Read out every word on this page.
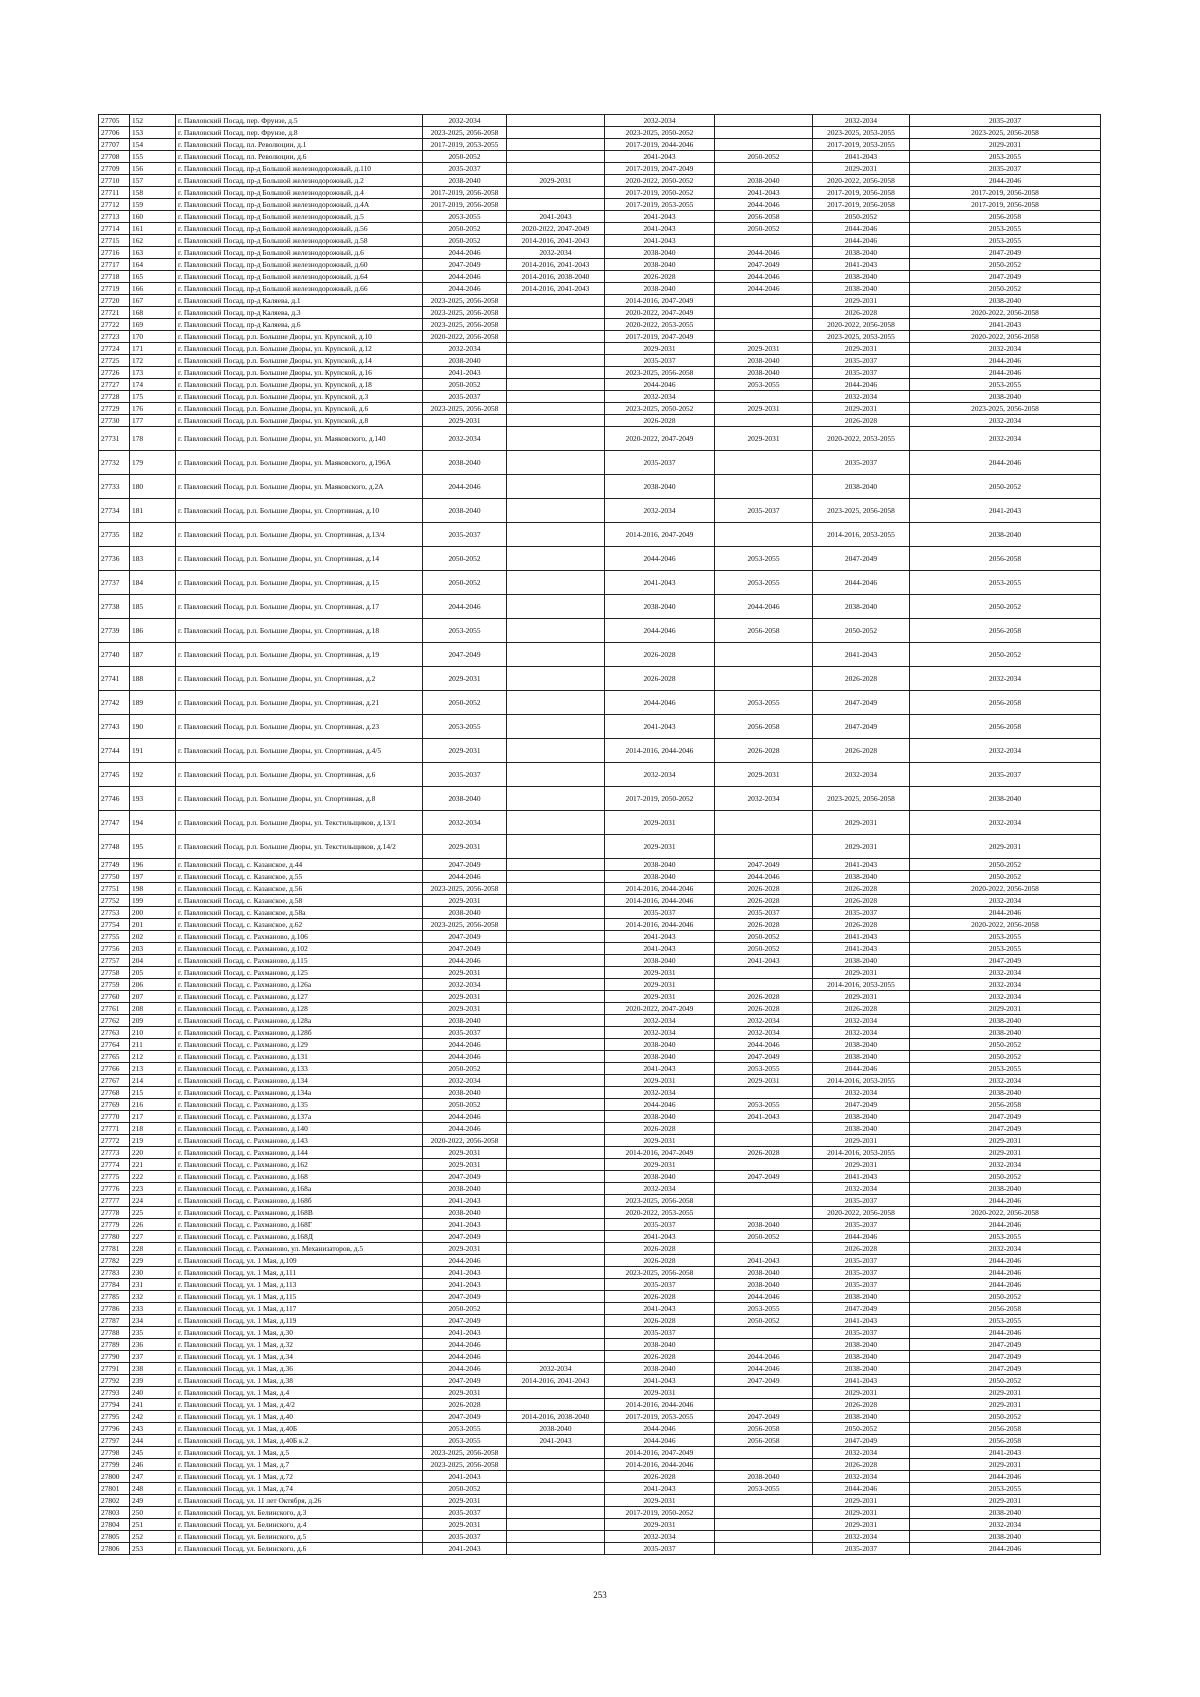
27705	152	г. Павловский Посад, пер. Фрунзе, д.5	2032-2034		2032-2034		2032-2034	2035-2037
27706	153	г. Павловский Посад, пер. Фрунзе, д.8	2023-2025, 2056-2058		2023-2025, 2050-2052		2023-2025, 2053-2055	2023-2025, 2056-2058
27707	154	г. Павловский Посад, пл. Революции, д.1	2017-2019, 2053-2055		2017-2019, 2044-2046		2017-2019, 2053-2055	2029-2031
27708	155	г. Павловский Посад, пл. Революции, д.6	2050-2052		2041-2043	2050-2052	2041-2043	2053-2055
27709	156	г. Павловский Посад, пр-д Большой железнодорожный, д.110	2035-2037		2017-2019, 2047-2049		2029-2031	2035-2037
27710	157	г. Павловский Посад, пр-д Большой железнодорожный, д.2	2038-2040	2029-2031	2020-2022, 2050-2052	2038-2040	2020-2022, 2056-2058	2044-2046
27711	158	г. Павловский Посад, пр-д Большой железнодорожный, д.4	2017-2019, 2056-2058		2017-2019, 2050-2052	2041-2043	2017-2019, 2056-2058	2017-2019, 2056-2058
27712	159	г. Павловский Посад, пр-д Большой железнодорожный, д.4А	2017-2019, 2056-2058		2017-2019, 2053-2055	2044-2046	2017-2019, 2056-2058	2017-2019, 2056-2058
27713	160	г. Павловский Посад, пр-д Большой железнодорожный, д.5	2053-2055	2041-2043	2041-2043	2056-2058	2050-2052	2056-2058
27714	161	г. Павловский Посад, пр-д Большой железнодорожный, д.56	2050-2052	2020-2022, 2047-2049	2041-2043	2050-2052	2044-2046	2053-2055
27715	162	г. Павловский Посад, пр-д Большой железнодорожный, д.58	2050-2052	2014-2016, 2041-2043	2041-2043		2044-2046	2053-2055
27716	163	г. Павловский Посад, пр-д Большой железнодорожный, д.6	2044-2046	2032-2034	2038-2040	2044-2046	2038-2040	2047-2049
27717	164	г. Павловский Посад, пр-д Большой железнодорожный, д.60	2047-2049	2014-2016, 2041-2043	2038-2040	2047-2049	2041-2043	2050-2052
27718	165	г. Павловский Посад, пр-д Большой железнодорожный, д.64	2044-2046	2014-2016, 2038-2040	2026-2028	2044-2046	2038-2040	2047-2049
27719	166	г. Павловский Посад, пр-д Большой железнодорожный, д.66	2044-2046	2014-2016, 2041-2043	2038-2040	2044-2046	2038-2040	2050-2052
27720	167	г. Павловский Посад, пр-д Каляева, д.1	2023-2025, 2056-2058		2014-2016, 2047-2049		2029-2031	2038-2040
27721	168	г. Павловский Посад, пр-д Каляева, д.3	2023-2025, 2056-2058		2020-2022, 2047-2049		2026-2028	2020-2022, 2056-2058
27722	169	г. Павловский Посад, пр-д Каляева, д.6	2023-2025, 2056-2058		2020-2022, 2053-2055		2020-2022, 2056-2058	2041-2043
27723	170	г. Павловский Посад, р.п. Большие Дворы, ул. Крупской, д.10	2020-2022, 2056-2058		2017-2019, 2047-2049		2023-2025, 2053-2055	2020-2022, 2056-2058
27724	171	г. Павловский Посад, р.п. Большие Дворы, ул. Крупской, д.12	2032-2034		2029-2031	2029-2031	2029-2031	2032-2034
27725	172	г. Павловский Посад, р.п. Большие Дворы, ул. Крупской, д.14	2038-2040		2035-2037	2038-2040	2035-2037	2044-2046
27726	173	г. Павловский Посад, р.п. Большие Дворы, ул. Крупской, д.16	2041-2043		2023-2025, 2056-2058	2038-2040	2035-2037	2044-2046
27727	174	г. Павловский Посад, р.п. Большие Дворы, ул. Крупской, д.18	2050-2052		2044-2046	2053-2055	2044-2046	2053-2055
27728	175	г. Павловский Посад, р.п. Большие Дворы, ул. Крупской, д.3	2035-2037		2032-2034		2032-2034	2038-2040
27729	176	г. Павловский Посад, р.п. Большие Дворы, ул. Крупской, д.6	2023-2025, 2056-2058		2023-2025, 2050-2052	2029-2031	2029-2031	2023-2025, 2056-2058
27730	177	г. Павловский Посад, р.п. Большие Дворы, ул. Крупской, д.8	2029-2031		2026-2028		2026-2028	2032-2034
27731	178	г. Павловский Посад, р.п. Большие Дворы, ул. Маяковского, д.140	2032-2034		2020-2022, 2047-2049	2029-2031	2020-2022, 2053-2055	2032-2034
27732	179	г. Павловский Посад, р.п. Большие Дворы, ул. Маяковского, д.196А	2038-2040		2035-2037		2035-2037	2044-2046
27733	180	г. Павловский Посад, р.п. Большие Дворы, ул. Маяковского, д.2А	2044-2046		2038-2040		2038-2040	2050-2052
27734	181	г. Павловский Посад, р.п. Большие Дворы, ул. Спортивная, д.10	2038-2040		2032-2034	2035-2037	2023-2025, 2056-2058	2041-2043
27735	182	г. Павловский Посад, р.п. Большие Дворы, ул. Спортивная, д.13/4	2035-2037		2014-2016, 2047-2049		2014-2016, 2053-2055	2038-2040
27736	183	г. Павловский Посад, р.п. Большие Дворы, ул. Спортивная, д.14	2050-2052		2044-2046	2053-2055	2047-2049	2056-2058
27737	184	г. Павловский Посад, р.п. Большие Дворы, ул. Спортивная, д.15	2050-2052		2041-2043	2053-2055	2044-2046	2053-2055
27738	185	г. Павловский Посад, р.п. Большие Дворы, ул. Спортивная, д.17	2044-2046		2038-2040	2044-2046	2038-2040	2050-2052
27739	186	г. Павловский Посад, р.п. Большие Дворы, ул. Спортивная, д.18	2053-2055		2044-2046	2056-2058	2050-2052	2056-2058
27740	187	г. Павловский Посад, р.п. Большие Дворы, ул. Спортивная, д.19	2047-2049		2026-2028		2041-2043	2050-2052
27741	188	г. Павловский Посад, р.п. Большие Дворы, ул. Спортивная, д.2	2029-2031		2026-2028		2026-2028	2032-2034
27742	189	г. Павловский Посад, р.п. Большие Дворы, ул. Спортивная, д.21	2050-2052		2044-2046	2053-2055	2047-2049	2056-2058
27743	190	г. Павловский Посад, р.п. Большие Дворы, ул. Спортивная, д.23	2053-2055		2041-2043	2056-2058	2047-2049	2056-2058
27744	191	г. Павловский Посад, р.п. Большие Дворы, ул. Спортивная, д.4/5	2029-2031		2014-2016, 2044-2046	2026-2028	2026-2028	2032-2034
27745	192	г. Павловский Посад, р.п. Большие Дворы, ул. Спортивная, д.6	2035-2037		2032-2034	2029-2031	2032-2034	2035-2037
27746	193	г. Павловский Посад, р.п. Большие Дворы, ул. Спортивная, д.8	2038-2040		2017-2019, 2050-2052	2032-2034	2023-2025, 2056-2058	2038-2040
27747	194	г. Павловский Посад, р.п. Большие Дворы, ул. Текстильщиков, д.13/1	2032-2034		2029-2031		2029-2031	2032-2034
27748	195	г. Павловский Посад, р.п. Большие Дворы, ул. Текстильщиков, д.14/2	2029-2031		2029-2031		2029-2031	2029-2031
27749	196	г. Павловский Посад, с. Казанское, д.44	2047-2049		2038-2040	2047-2049	2041-2043	2050-2052
27750	197	г. Павловский Посад, с. Казанское, д.55	2044-2046		2038-2040	2044-2046	2038-2040	2050-2052
27751	198	г. Павловский Посад, с. Казанское, д.56	2023-2025, 2056-2058		2014-2016, 2044-2046	2026-2028	2026-2028	2020-2022, 2056-2058
27752	199	г. Павловский Посад, с. Казанское, д.58	2029-2031		2014-2016, 2044-2046	2026-2028	2026-2028	2032-2034
27753	200	г. Павловский Посад, с. Казанское, д.58а	2038-2040		2035-2037	2035-2037	2035-2037	2044-2046
27754	201	г. Павловский Посад, с. Казанское, д.62	2023-2025, 2056-2058		2014-2016, 2044-2046	2026-2028	2026-2028	2020-2022, 2056-2058
27755	202	г. Павловский Посад, с. Рахманово, д.106	2047-2049		2041-2043	2050-2052	2041-2043	2053-2055
27756	203	г. Павловский Посад, с. Рахманово, д.102	2047-2049		2041-2043	2050-2052	2041-2043	2053-2055
27757	204	г. Павловский Посад, с. Рахманово, д.115	2044-2046		2038-2040	2041-2043	2038-2040	2047-2049
27758	205	г. Павловский Посад, с. Рахманово, д.125	2029-2031		2029-2031		2029-2031	2032-2034
27759	206	г. Павловский Посад, с. Рахманово, д.126а	2032-2034		2029-2031		2014-2016, 2053-2055	2032-2034
27760	207	г. Павловский Посад, с. Рахманово, д.127	2029-2031		2029-2031	2026-2028	2029-2031	2032-2034
27761	208	г. Павловский Посад, с. Рахманово, д.128	2029-2031		2020-2022, 2047-2049	2026-2028	2026-2028	2029-2031
27762	209	г. Павловский Посад, с. Рахманово, д.128а	2038-2040		2032-2034	2032-2034	2032-2034	2038-2040
27763	210	г. Павловский Посад, с. Рахманово, д.128б	2035-2037		2032-2034	2032-2034	2032-2034	2038-2040
27764	211	г. Павловский Посад, с. Рахманово, д.129	2044-2046		2038-2040	2044-2046	2038-2040	2050-2052
27765	212	г. Павловский Посад, с. Рахманово, д.131	2044-2046		2038-2040	2047-2049	2038-2040	2050-2052
27766	213	г. Павловский Посад, с. Рахманово, д.133	2050-2052		2041-2043	2053-2055	2044-2046	2053-2055
27767	214	г. Павловский Посад, с. Рахманово, д.134	2032-2034		2029-2031	2029-2031	2014-2016, 2053-2055	2032-2034
27768	215	г. Павловский Посад, с. Рахманово, д.134а	2038-2040		2032-2034		2032-2034	2038-2040
27769	216	г. Павловский Посад, с. Рахманово, д.135	2050-2052		2044-2046	2053-2055	2047-2049	2056-2058
27770	217	г. Павловский Посад, с. Рахманово, д.137а	2044-2046		2038-2040	2041-2043	2038-2040	2047-2049
27771	218	г. Павловский Посад, с. Рахманово, д.140	2044-2046		2026-2028		2038-2040	2047-2049
27772	219	г. Павловский Посад, с. Рахманово, д.143	2020-2022, 2056-2058		2029-2031		2029-2031	2029-2031
27773	220	г. Павловский Посад, с. Рахманово, д.144	2029-2031		2014-2016, 2047-2049	2026-2028	2014-2016, 2053-2055	2029-2031
27774	221	г. Павловский Посад, с. Рахманово, д.162	2029-2031		2029-2031		2029-2031	2032-2034
27775	222	г. Павловский Посад, с. Рахманово, д.168	2047-2049		2038-2040	2047-2049	2041-2043	2050-2052
27776	223	г. Павловский Посад, с. Рахманово, д.168а	2038-2040		2032-2034		2032-2034	2038-2040
27777	224	г. Павловский Посад, с. Рахманово, д.168б	2041-2043		2023-2025, 2056-2058		2035-2037	2044-2046
27778	225	г. Павловский Посад, с. Рахманово, д.168В	2038-2040		2020-2022, 2053-2055		2020-2022, 2056-2058	2020-2022, 2056-2058
27779	226	г. Павловский Посад, с. Рахманово, д.168Г	2041-2043		2035-2037	2038-2040	2035-2037	2044-2046
27780	227	г. Павловский Посад, с. Рахманово, д.168Д	2047-2049		2041-2043	2050-2052	2044-2046	2053-2055
27781	228	г. Павловский Посад, с. Рахманово, ул. Механизаторов, д.5	2029-2031		2026-2028		2026-2028	2032-2034
27782	229	г. Павловский Посад, ул. 1 Мая, д.109	2044-2046		2026-2028	2041-2043	2035-2037	2044-2046
27783	230	г. Павловский Посад, ул. 1 Мая, д.111	2041-2043		2023-2025, 2056-2058	2038-2040	2035-2037	2044-2046
27784	231	г. Павловский Посад, ул. 1 Мая, д.113	2041-2043		2035-2037	2038-2040	2035-2037	2044-2046
27785	232	г. Павловский Посад, ул. 1 Мая, д.115	2047-2049		2026-2028	2044-2046	2038-2040	2050-2052
27786	233	г. Павловский Посад, ул. 1 Мая, д.117	2050-2052		2041-2043	2053-2055	2047-2049	2056-2058
27787	234	г. Павловский Посад, ул. 1 Мая, д.119	2047-2049		2026-2028	2050-2052	2041-2043	2053-2055
27788	235	г. Павловский Посад, ул. 1 Мая, д.30	2041-2043		2035-2037		2035-2037	2044-2046
27789	236	г. Павловский Посад, ул. 1 Мая, д.32	2044-2046		2038-2040		2038-2040	2047-2049
27790	237	г. Павловский Посад, ул. 1 Мая, д.34	2044-2046		2026-2028	2044-2046	2038-2040	2047-2049
27791	238	г. Павловский Посад, ул. 1 Мая, д.36	2044-2046	2032-2034	2038-2040	2044-2046	2038-2040	2047-2049
27792	239	г. Павловский Посад, ул. 1 Мая, д.38	2047-2049	2014-2016, 2041-2043	2041-2043	2047-2049	2041-2043	2050-2052
27793	240	г. Павловский Посад, ул. 1 Мая, д.4	2029-2031		2029-2031		2029-2031	2029-2031
27794	241	г. Павловский Посад, ул. 1 Мая, д.4/2	2026-2028		2014-2016, 2044-2046		2026-2028	2029-2031
27795	242	г. Павловский Посад, ул. 1 Мая, д.40	2047-2049	2014-2016, 2038-2040	2017-2019, 2053-2055	2047-2049	2038-2040	2050-2052
27796	243	г. Павловский Посад, ул. 1 Мая, д.40Б	2053-2055	2038-2040	2044-2046	2056-2058	2050-2052	2056-2058
27797	244	г. Павловский Посад, ул. 1 Мая, д.40Б к.2	2053-2055	2041-2043	2044-2046	2056-2058	2047-2049	2056-2058
27798	245	г. Павловский Посад, ул. 1 Мая, д.5	2023-2025, 2056-2058		2014-2016, 2047-2049		2032-2034	2041-2043
27799	246	г. Павловский Посад, ул. 1 Мая, д.7	2023-2025, 2056-2058		2014-2016, 2044-2046		2026-2028	2029-2031
27800	247	г. Павловский Посад, ул. 1 Мая, д.72	2041-2043		2026-2028	2038-2040	2032-2034	2044-2046
27801	248	г. Павловский Посад, ул. 1 Мая, д.74	2050-2052		2041-2043	2053-2055	2044-2046	2053-2055
27802	249	г. Павловский Посад, ул. 11 лет Октября, д.26	2029-2031		2029-2031		2029-2031	2029-2031
27803	250	г. Павловский Посад, ул. Белинского, д.3	2035-2037		2017-2019, 2050-2052		2029-2031	2038-2040
27804	251	г. Павловский Посад, ул. Белинского, д.4	2029-2031		2029-2031		2029-2031	2032-2034
27805	252	г. Павловский Посад, ул. Белинского, д.5	2035-2037		2032-2034		2032-2034	2038-2040
27806	253	г. Павловский Посад, ул. Белинского, д.6	2041-2043		2035-2037		2035-2037	2044-2046
253
